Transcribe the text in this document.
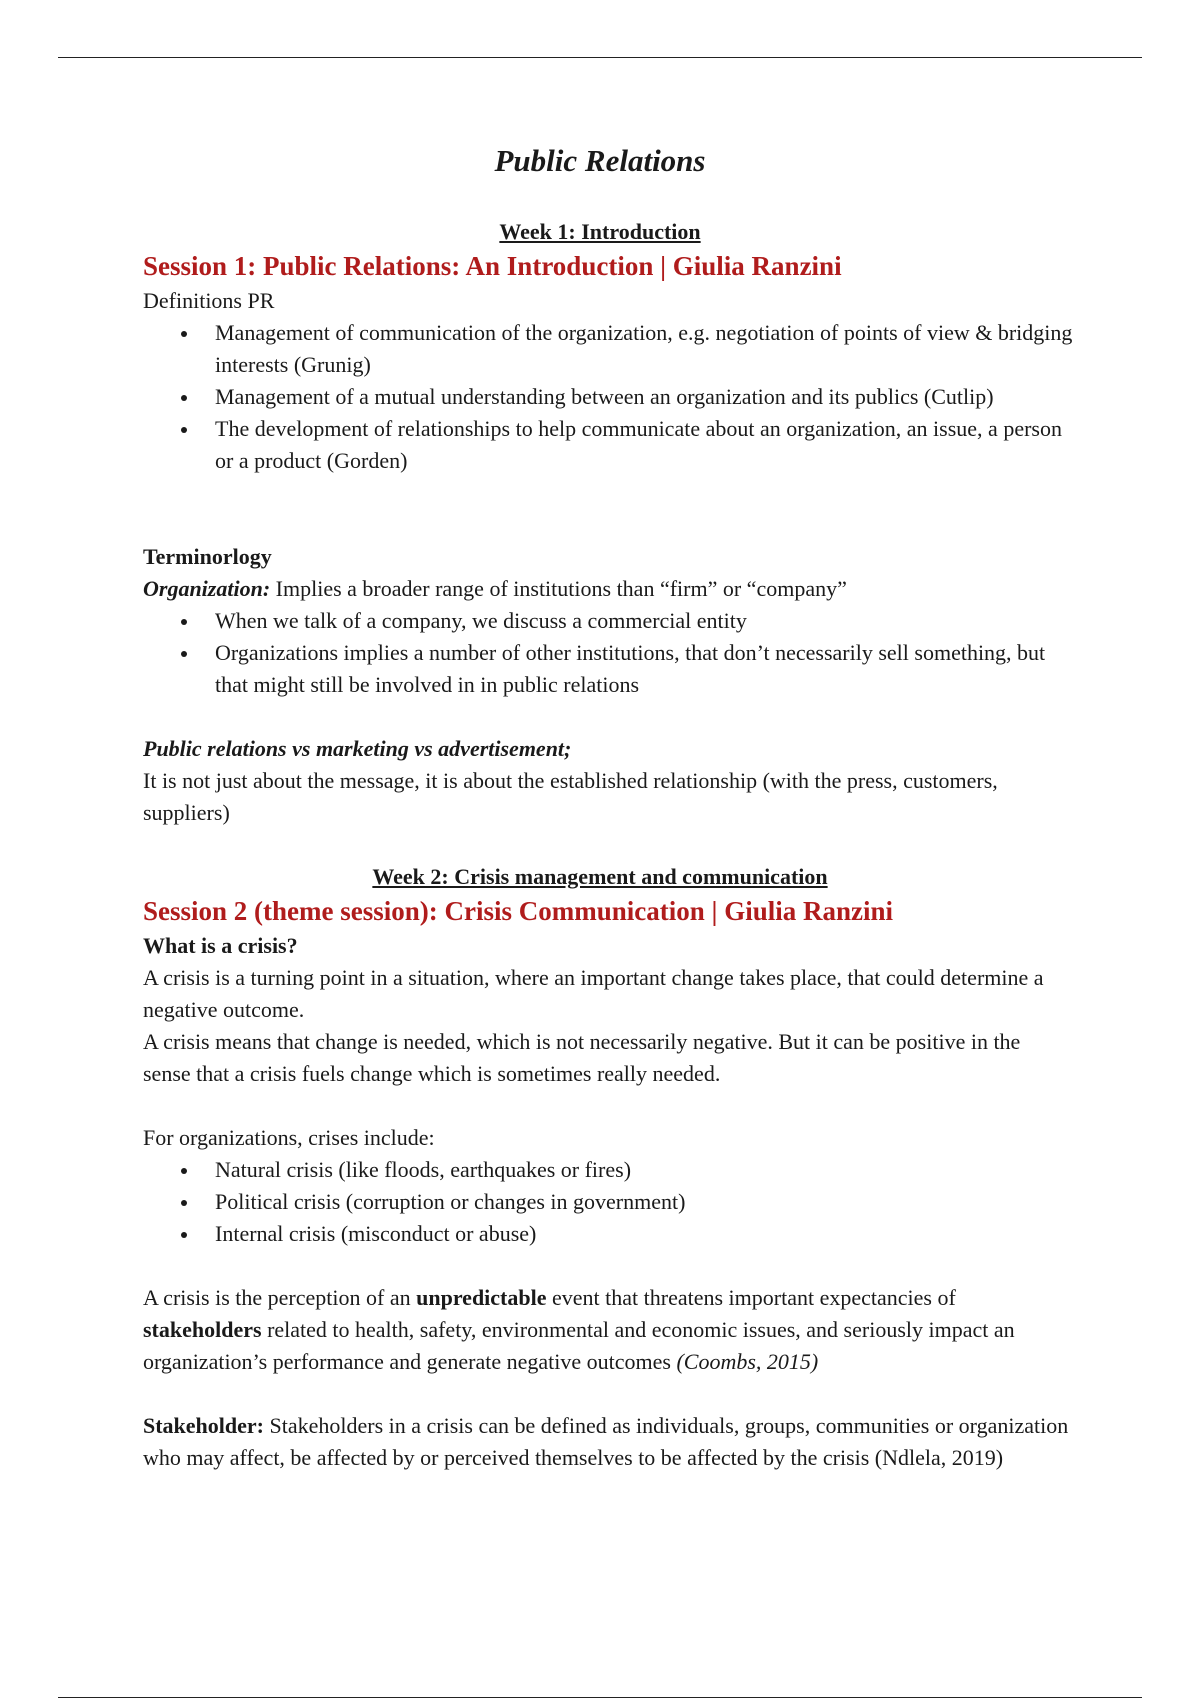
Public Relations
Week 1: Introduction
Session 1: Public Relations: An Introduction | Giulia Ranzini

Definitions PR

Management of communication of the organization, e.g. negotiation of points of view & bridging interests (Grunig)
Management of a mutual understanding between an organization and its publics (Cutlip)
The development of relationships to help communicate about an organization, an issue, a person or a product (Gorden)

Terminorlogy

Organization: Implies a broader range of institutions than “firm” or “company”

When we talk of a company, we discuss a commercial entity
Organizations implies a number of other institutions, that don’t necessarily sell something, but that might still be involved in in public relations

Public relations vs marketing vs advertisement;

It is not just about the message, it is about the established relationship (with the press, customers, suppliers)

Week 2: Crisis management and communication
Session 2 (theme session): Crisis Communication | Giulia Ranzini

What is a crisis?

A crisis is a turning point in a situation, where an important change takes place, that could determine a negative outcome.

A crisis means that change is needed, which is not necessarily negative. But it can be positive in the sense that a crisis fuels change which is sometimes really needed.

For organizations, crises include:

Natural crisis (like floods, earthquakes or fires)
Political crisis (corruption or changes in government)
Internal crisis (misconduct or abuse)

A crisis is the perception of an unpredictable event that threatens important expectancies of stakeholders related to health, safety, environmental and economic issues, and seriously impact an organization’s performance and generate negative outcomes (Coombs, 2015)

Stakeholder: Stakeholders in a crisis can be defined as individuals, groups, communities or organization who may affect, be affected by or perceived themselves to be affected by the crisis (Ndlela, 2019)
